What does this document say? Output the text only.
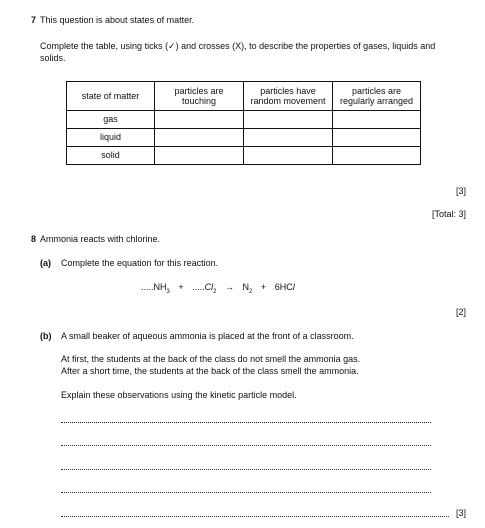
7 This question is about states of matter.
Complete the table, using ticks (✓) and crosses (X), to describe the properties of gases, liquids and
solids.
state of matter	particles are touching	particles have random movement	particles are regularly arranged
gas			
liquid			
solid			
[3]
[Total: 3]
8 Ammonia reacts with chlorine.
(a) Complete the equation for this reaction.
$.....NH_3 + .....Cl_2 \to N_2 + 6HCl$
[2]
(b) A small beaker of aqueous ammonia is placed at the front of a classroom.
At first, the students at the back of the class do not smell the ammonia gas.
After a short time, the students at the back of the class smell the ammonia.
Explain these observations using the kinetic particle model.
[3]
